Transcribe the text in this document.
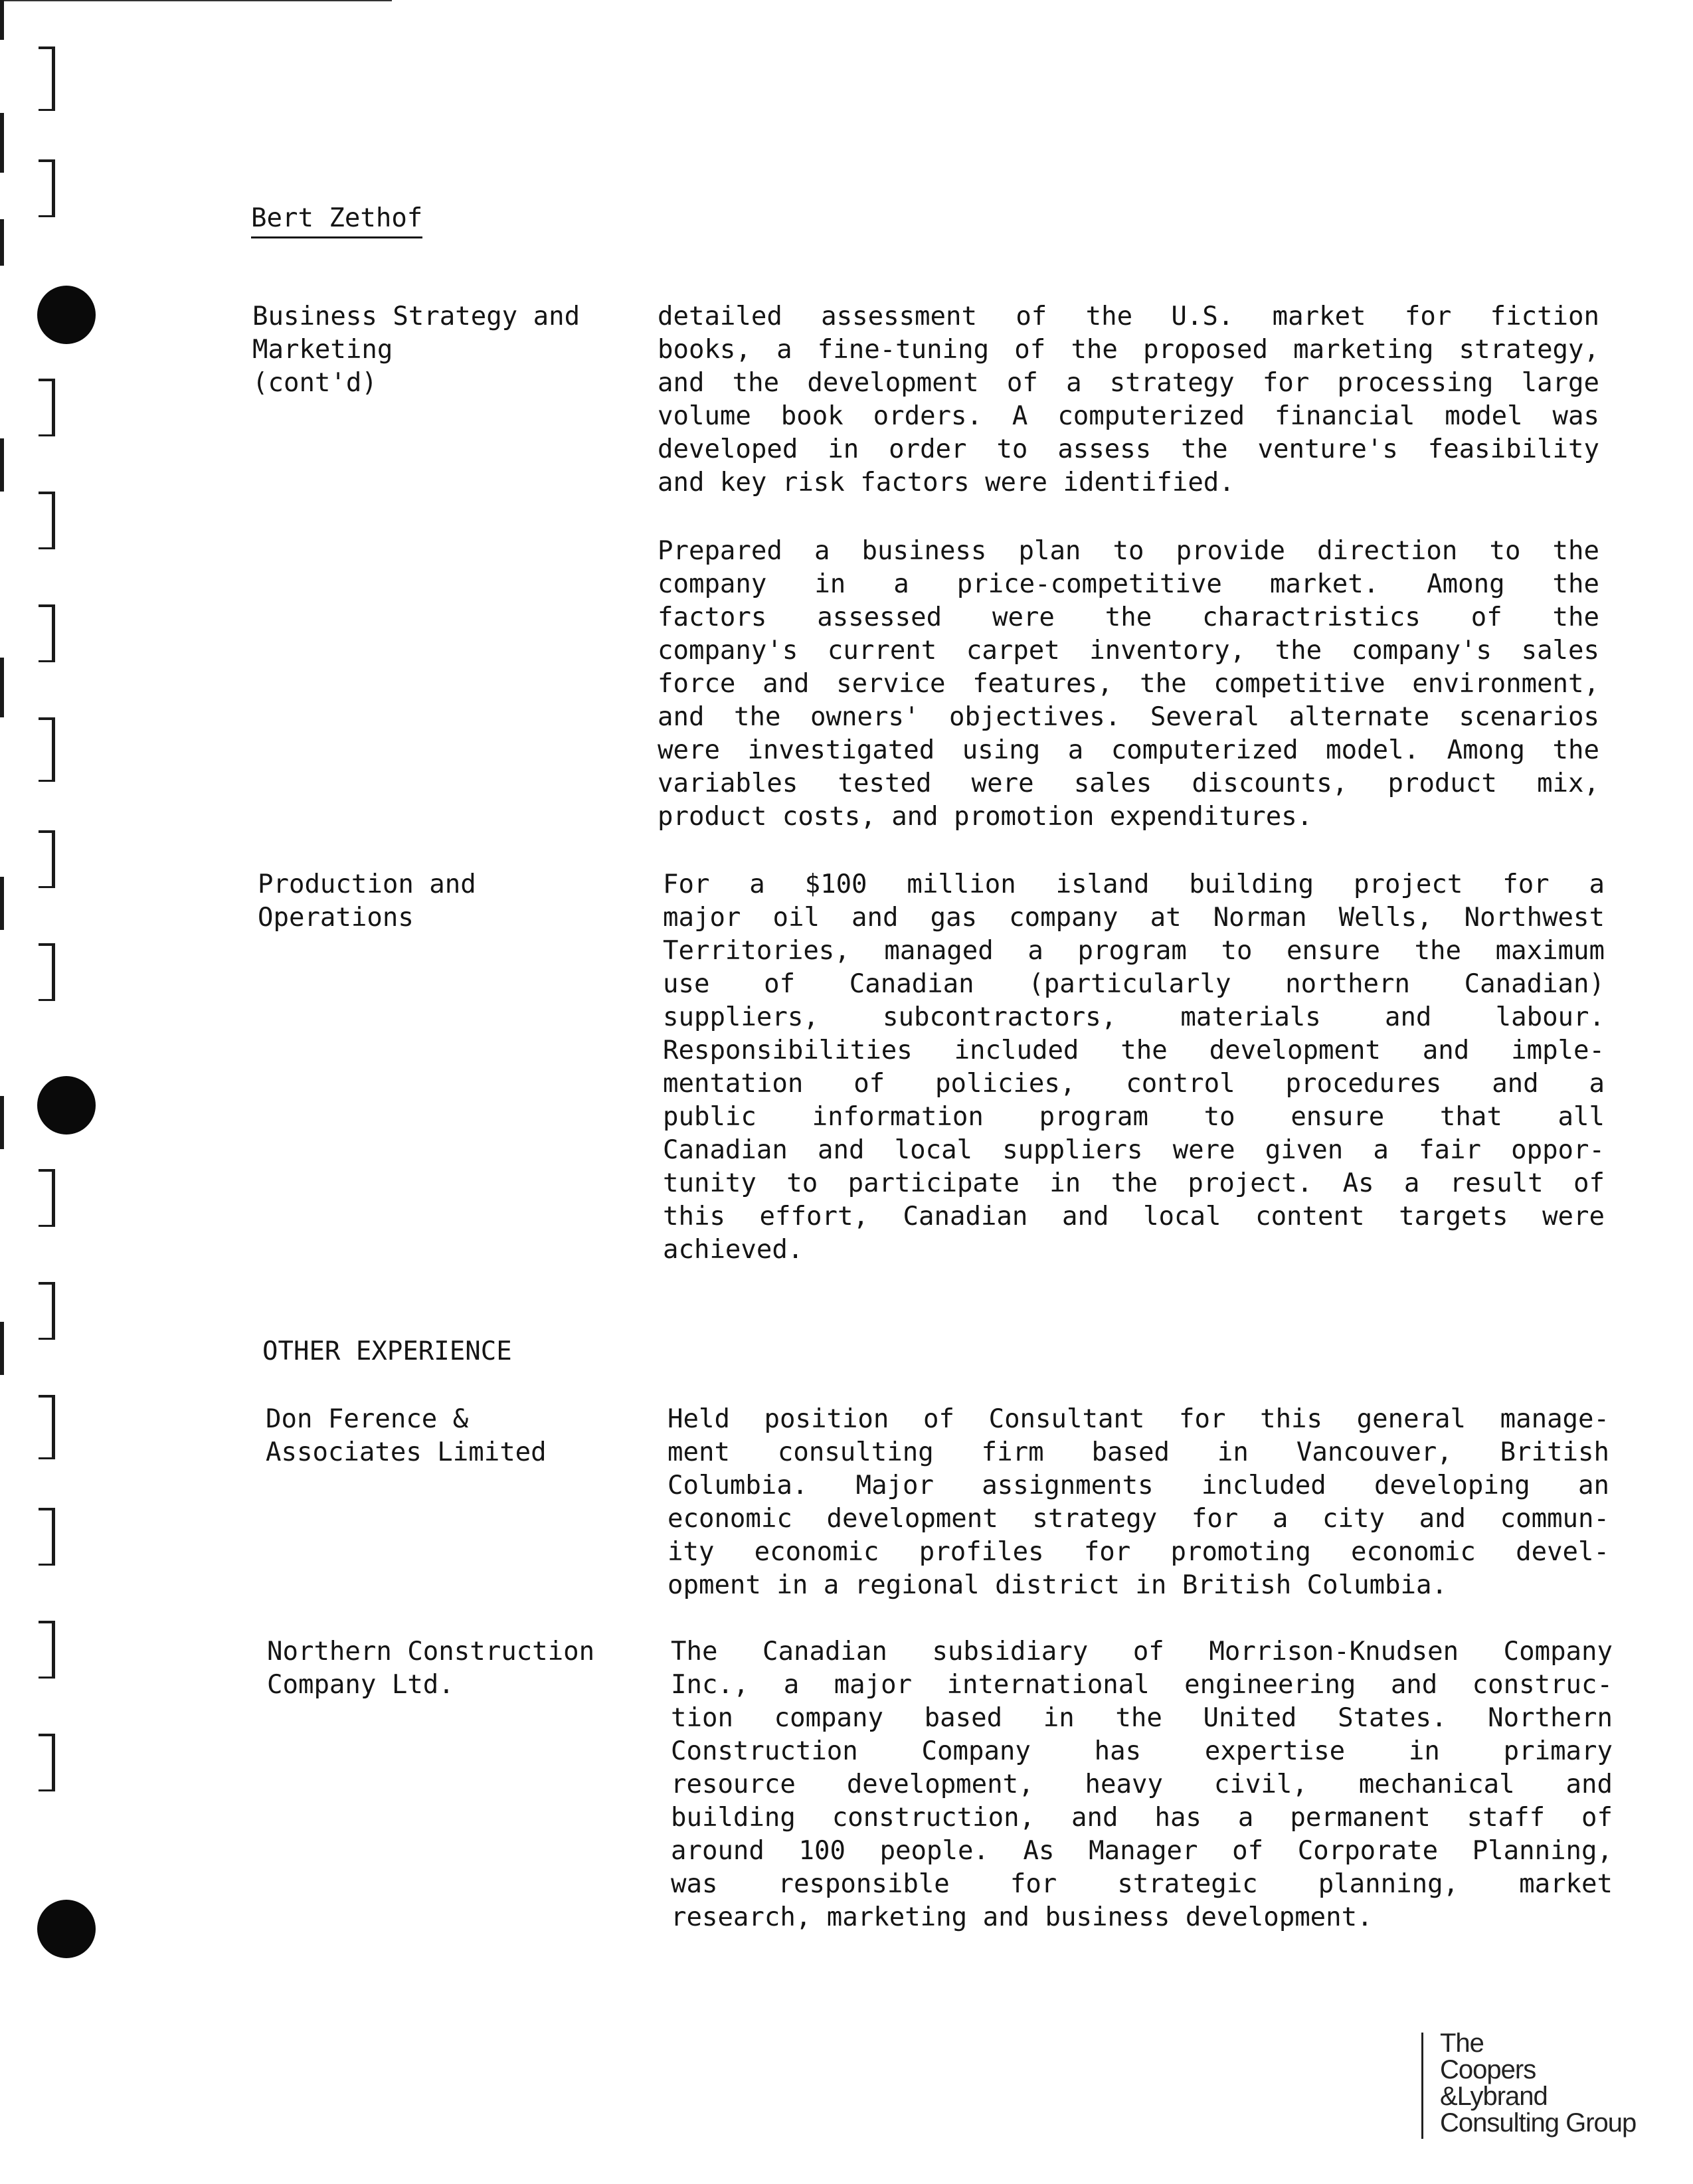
Bert Zethof
Business Strategy and
Marketing
(cont'd)
detailed assessment of the U.S. market for fiction
books, a fine-tuning of the proposed marketing strategy,
and the development of a strategy for processing large
volume book orders. A computerized financial model was
developed in order to assess the venture's feasibility
and key risk factors were identified.
Prepared a business plan to provide direction to the
company in a price-competitive market. Among the
factors assessed were the charactristics of the
company's current carpet inventory, the company's sales
force and service features, the competitive environment,
and the owners' objectives. Several alternate scenarios
were investigated using a computerized model. Among the
variables tested were sales discounts, product mix,
product costs, and promotion expenditures.
Production and
Operations
For a $100 million island building project for a
major oil and gas company at Norman Wells, Northwest
Territories, managed a program to ensure the maximum
use of Canadian (particularly northern Canadian)
suppliers, subcontractors, materials and labour.
Responsibilities included the development and imple-
mentation of policies, control procedures and a
public information program to ensure that all
Canadian and local suppliers were given a fair oppor-
tunity to participate in the project. As a result of
this effort, Canadian and local content targets were
achieved.
OTHER EXPERIENCE
Don Ference &
Associates Limited
Held position of Consultant for this general manage-
ment consulting firm based in Vancouver, British
Columbia. Major assignments included developing an
economic development strategy for a city and commun-
ity economic profiles for promoting economic devel-
opment in a regional district in British Columbia.
Northern Construction
Company Ltd.
The Canadian subsidiary of Morrison-Knudsen Company
Inc., a major international engineering and construc-
tion company based in the United States. Northern
Construction Company has expertise in primary
resource development, heavy civil, mechanical and
building construction, and has a permanent staff of
around 100 people. As Manager of Corporate Planning,
was responsible for strategic planning, market
research, marketing and business development.
The
Coopers
&Lybrand
Consulting Group
